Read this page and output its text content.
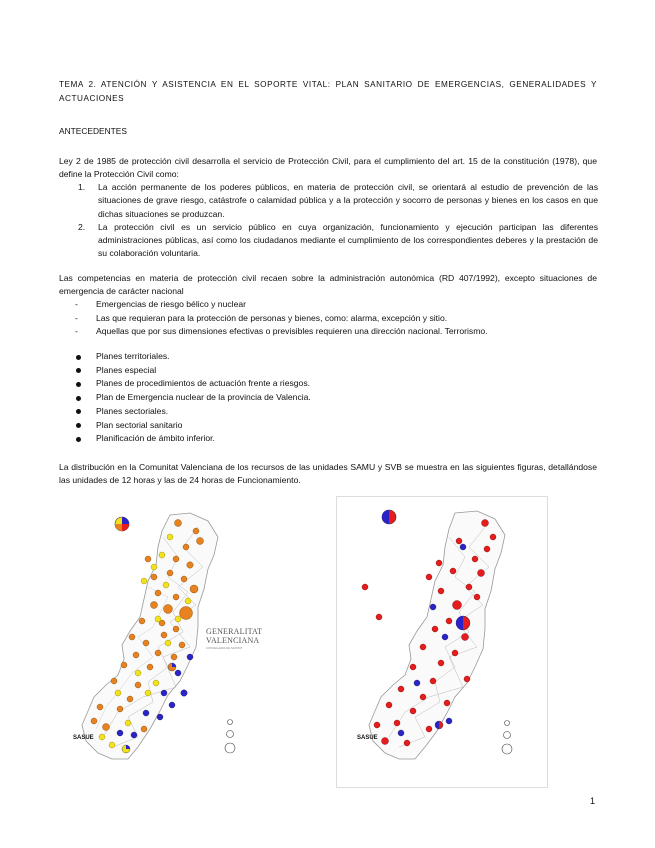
TEMA 2. ATENCIÓN Y ASISTENCIA EN EL SOPORTE VITAL: PLAN SANITARIO DE EMERGENCIAS, GENERALIDADES Y ACTUACIONES
ANTECEDENTES
Ley 2 de 1985 de protección civil desarrolla el servicio de Protección Civil, para el cumplimiento del art. 15 de la constitución (1978), que define la Protección Civil como:
1. La acción permanente de los poderes públicos, en materia de protección civil, se orientará al estudio de prevención de las situaciones de grave riesgo, catástrofe o calamidad pública y a la protección y socorro de personas y bienes en los casos en que dichas situaciones se produzcan.
2. La protección civil es un servicio público en cuya organización, funcionamiento y ejecución participan las diferentes administraciones públicas, así como los ciudadanos mediante el cumplimiento de los correspondientes deberes y la prestación de su colaboración voluntaria.
Las competencias en materia de protección civil recaen sobre la administración autonómica (RD 407/1992), excepto situaciones de emergencia de carácter nacional
- Emergencias de riesgo bélico y nuclear
- Las que requieran para la protección de personas y bienes, como: alarma, excepción y sitio.
- Aquellas que por sus dimensiones efectivas o previsibles requieren una dirección nacional. Terrorismo.
Planes territoriales.
Planes especial
Planes de procedimientos de actuación frente a riesgos.
Plan de Emergencia nuclear de la provincia de Valencia.
Planes sectoriales.
Plan sectorial sanitario
Planificación de ámbito inferior.
La distribución en la Comunitat Valenciana de los recursos de las unidades SAMU y SVB se muestra en las siguientes figuras, detallándose las unidades de 12 horas y las de 24 horas de Funcionamiento.
GENERALITAT
VALENCIANA
CONSELLERIA DE SANITAT
SASUE	SASUE
1
